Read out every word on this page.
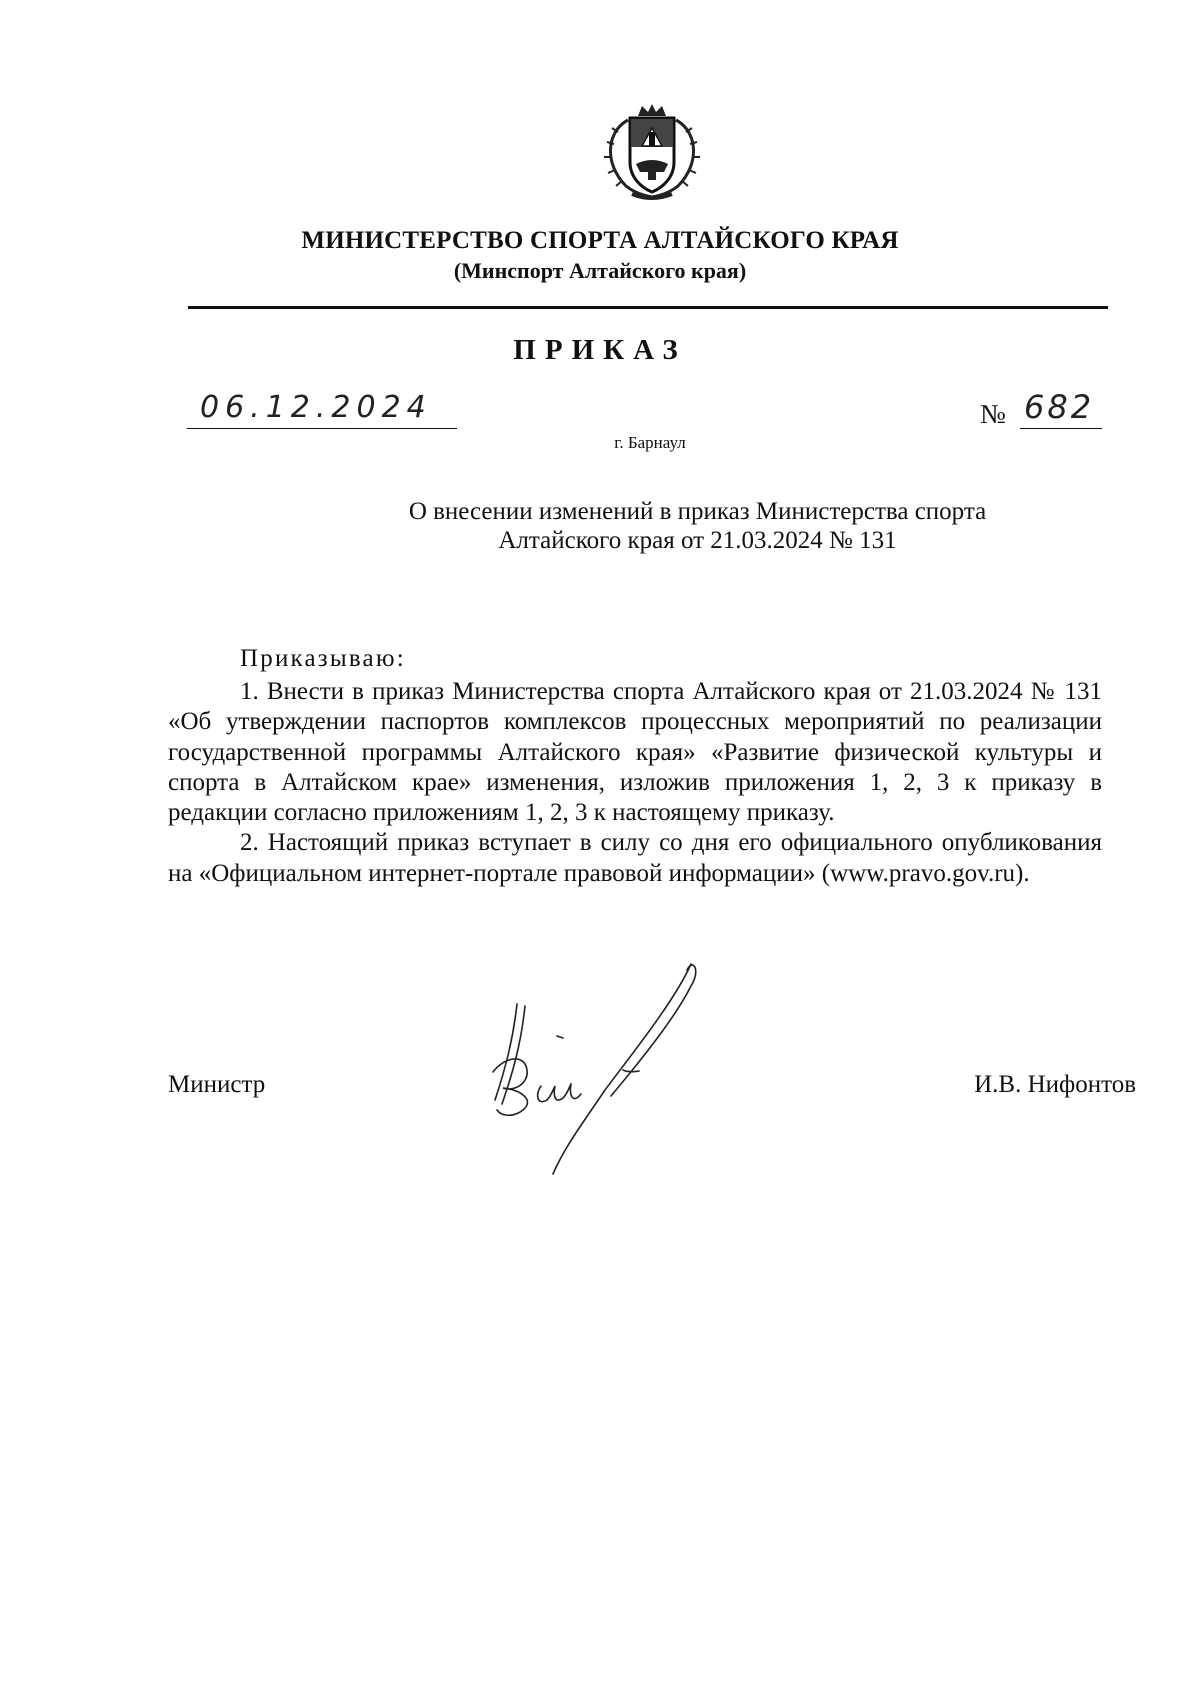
МИНИСТЕРСТВО СПОРТА АЛТАЙСКОГО КРАЯ
(Минспорт Алтайского края)
ПРИКАЗ
06.12.2024	№ 682
г. Барнаул
О внесении изменений в приказ Министерства спорта
Алтайского края от 21.03.2024 № 131
Приказываю:

1. Внести в приказ Министерства спорта Алтайского края от 21.03.2024 № 131 «Об утверждении паспортов комплексов процессных мероприятий по реализации государственной программы Алтайского края» «Развитие физической культуры и спорта в Алтайском крае» изменения, изложив приложения 1, 2, 3 к приказу в редакции согласно приложениям 1, 2, 3 к настоящему приказу.

2. Настоящий приказ вступает в силу со дня его официального опубликования на «Официальном интернет-портале правовой информации» (www.pravo.gov.ru).

Министр	И.В. Нифонтов
